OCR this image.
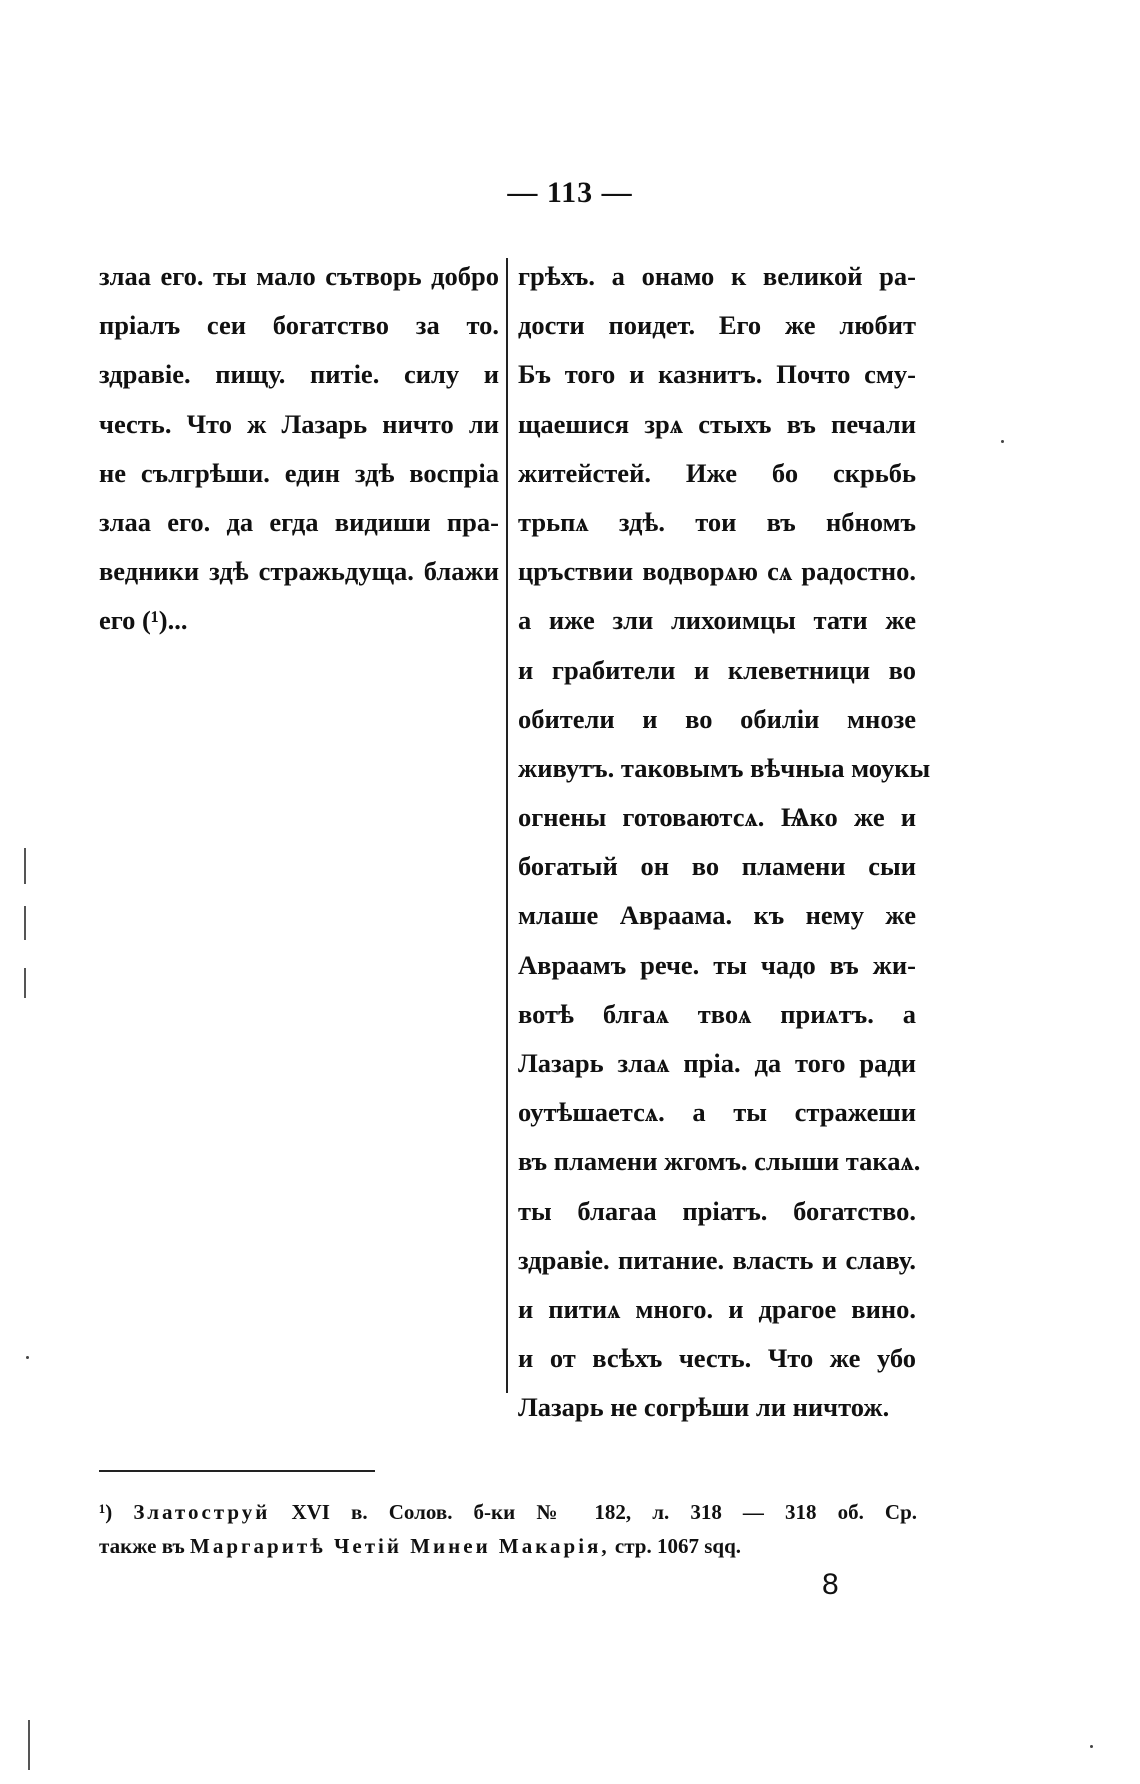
— 113 —
злаа его. ты мало сътворь добро
пріалъ сеи богатство за то.
здравіе. пищу. питіе. силу и
честь. Что ж Лазарь ничто ли
не сългрѣши. един здѣ воспріа
злаа его. да егда видиши пра-
ведники здѣ стражьдуща. блажи
его (¹)...
грѣхъ. а онамо к великой ра-
дости поидет. Его же любит
Бъ того и казнитъ. Почто сму-
щаешися зрѧ стыхъ въ печали
житейстей. Иже бо скрьбь
трьпѧ здѣ. тои въ нбномъ
цръствии водворѧю сѧ радостно.
а иже зли лихоимцы тати же
и грабители и клеветници во
обители и во обиліи мнозе
живутъ. таковымъ вѣчныа моукы
огнены готоваютсѧ. Ѩко же и
богатый он во пламени сыи
млаше Авраама. къ нему же
Авраамъ рече. ты чадо въ жи-
вотѣ блгаѧ твоѧ приѧтъ. а
Лазарь злаѧ пріа. да того ради
оутѣшаетсѧ. а ты стражеши
въ пламени жгомъ. слыши такаѧ.
ты благаа пріатъ. богатство.
здравіе. питание. власть и славу.
и питиѧ много. и драгое вино.
и от всѣхъ честь. Что же убо
Лазарь не согрѣши ли ничтож.
¹) Златоструй XVI в. Солов. б-ки № 182, л. 318 — 318 об. Ср.
также въ Маргаритѣ Четій Минеи Макарія, стр. 1067 sqq.
8
